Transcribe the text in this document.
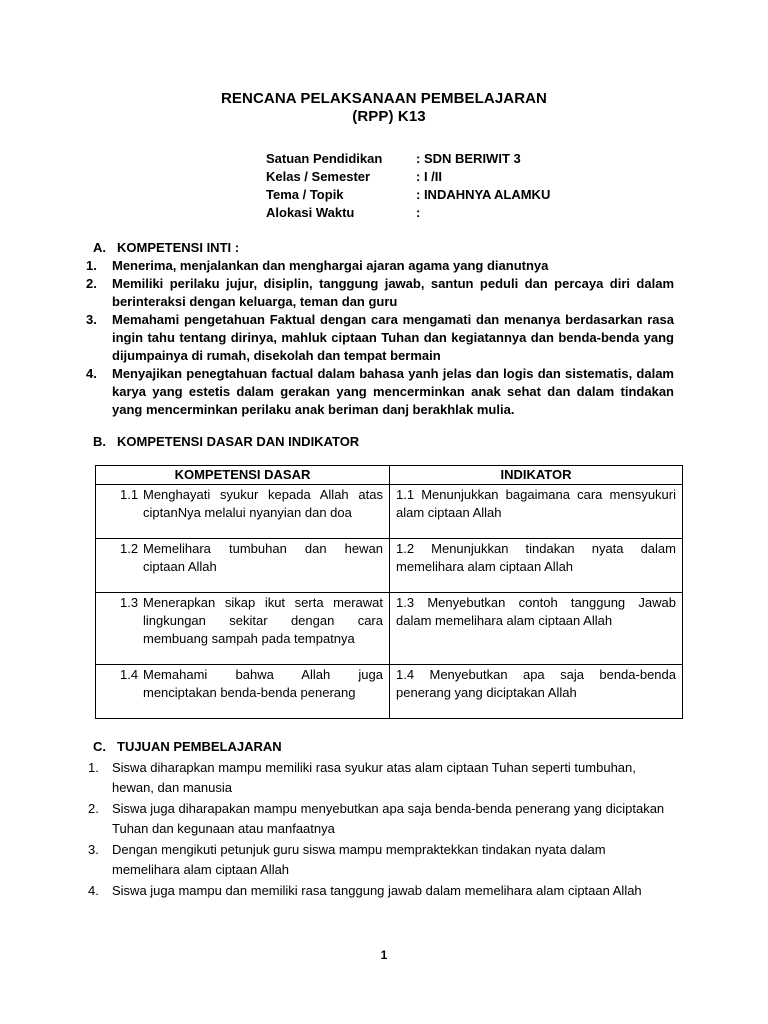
RENCANA PELAKSANAAN PEMBELAJARAN
(RPP) K13
Satuan Pendidikan	: SDN BERIWIT 3
Kelas / Semester	: I /II
Tema / Topik	: INDAHNYA ALAMKU
Alokasi Waktu	:
A. KOMPETENSI INTI :
1. Menerima, menjalankan dan menghargai ajaran agama yang dianutnya
2. Memiliki perilaku jujur, disiplin, tanggung jawab, santun peduli dan percaya diri dalam berinteraksi dengan keluarga, teman dan guru
3. Memahami pengetahuan Faktual dengan cara mengamati dan menanya berdasarkan rasa ingin tahu tentang dirinya, mahluk ciptaan Tuhan dan kegiatannya dan benda-benda yang dijumpainya di rumah, disekolah dan tempat bermain
4. Menyajikan penegtahuan factual dalam bahasa yanh jelas dan logis dan sistematis, dalam karya yang estetis dalam gerakan yang mencerminkan anak sehat dan dalam tindakan yang mencerminkan perilaku anak beriman danj berakhlak mulia.
B. KOMPETENSI DASAR DAN INDIKATOR
KOMPETENSI DASAR	INDIKATOR

1.1 Menghayati syukur kepada Allah atas ciptanNya melalui nyanyian dan doa	1.1 Menunjukkan bagaimana cara mensyukuri alam ciptaan Allah

1.2 Memelihara tumbuhan dan hewan ciptaan Allah	1.2 Menunjukkan tindakan nyata dalam memelihara alam ciptaan Allah

1.3 Menerapkan sikap ikut serta merawat lingkungan sekitar dengan cara membuang sampah pada tempatnya	1.3 Menyebutkan contoh tanggung Jawab dalam memelihara alam ciptaan Allah

1.4 Memahami bahwa Allah juga menciptakan benda-benda penerang	1.4 Menyebutkan apa saja benda-benda penerang yang diciptakan Allah
C. TUJUAN PEMBELAJARAN
1. Siswa diharapkan mampu memiliki rasa syukur atas alam ciptaan Tuhan seperti tumbuhan, hewan, dan manusia
2. Siswa juga diharapakan mampu menyebutkan apa saja benda-benda penerang yang diciptakan Tuhan dan kegunaan atau manfaatnya
3. Dengan mengikuti petunjuk guru siswa mampu mempraktekkan tindakan nyata dalam memelihara alam ciptaan Allah
4. Siswa juga mampu dan memiliki rasa tanggung jawab dalam memelihara alam ciptaan Allah
1
